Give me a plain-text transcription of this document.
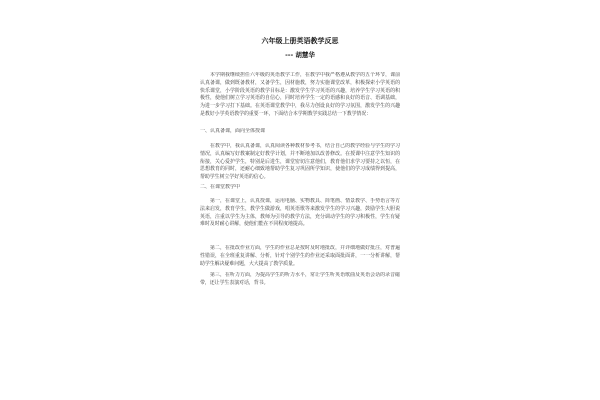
六年级上册英语教学反思
--- 胡慧华

本学期我继续担任六年级的英语教学工作，在教学中我严格遵从教学的五个环节，课前认真备课，做到既备教材，又备学生，因材施教，努力实施课堂改革，积极探索小学英语的快乐课堂，小学阶段英语的教学目标是：激发学生学习英语的兴趣，培养学生学习英语的积极性，使他们树立学习英语的自信心，同时培养学生一定的语感和良好的语音、语调基础，为进一步学习打下基础。在英语课堂教学中，我尽力创设良好的学习氛围，激发学生的兴趣是教好小学英语教学的重要一环，下面结合本学期教学实践总结一下教学情况：

一、认真备课，面向全体授课

在教学中，我认真备课，认真阅读各种教材参考书，结合自己的教学经验与学生的学习情况，认真编写好教案制定好教学计划，并不断地加以改善修改。在授课中注意学生知识的衔接，关心爱护学生，特别是后进生，课堂密切注意他们，教育他们求学习要持之以恒，在思想教育的同时，还耐心细致地帮助学生复习巩固所学知识，使他们的学习成绩得到提高，帮助学生树立学好英语的信心。

二、在课堂教学中

第一，在课堂上，认真授课，运用电脑、实物教具、简笔画、情景教学、手势语言等方法来启发，教育学生，教学生做游戏，唱英语歌等来激发学生的学习兴趣，鼓励学生大胆说英语，注重以学生为主体，教师为引导的教学方法，充分调动学生的学习积极性，学生有疑难时及时耐心讲解，使他们能在不同程度地提高。

第二，在批改作业方面，学生的作业总是按时及时地批改，并详细地做好批注，对普遍性错误，在全班重复讲解、分析，针对个别学生的作业还采取面批面讲，一一分析讲解，帮助学生解决疑难问题，大大提高了教学质量。

第三，在听力方面，为提高学生的听力水平，常让学生听英语歌曲及英语会话的录音磁带，还让学生表演对话，背书。
